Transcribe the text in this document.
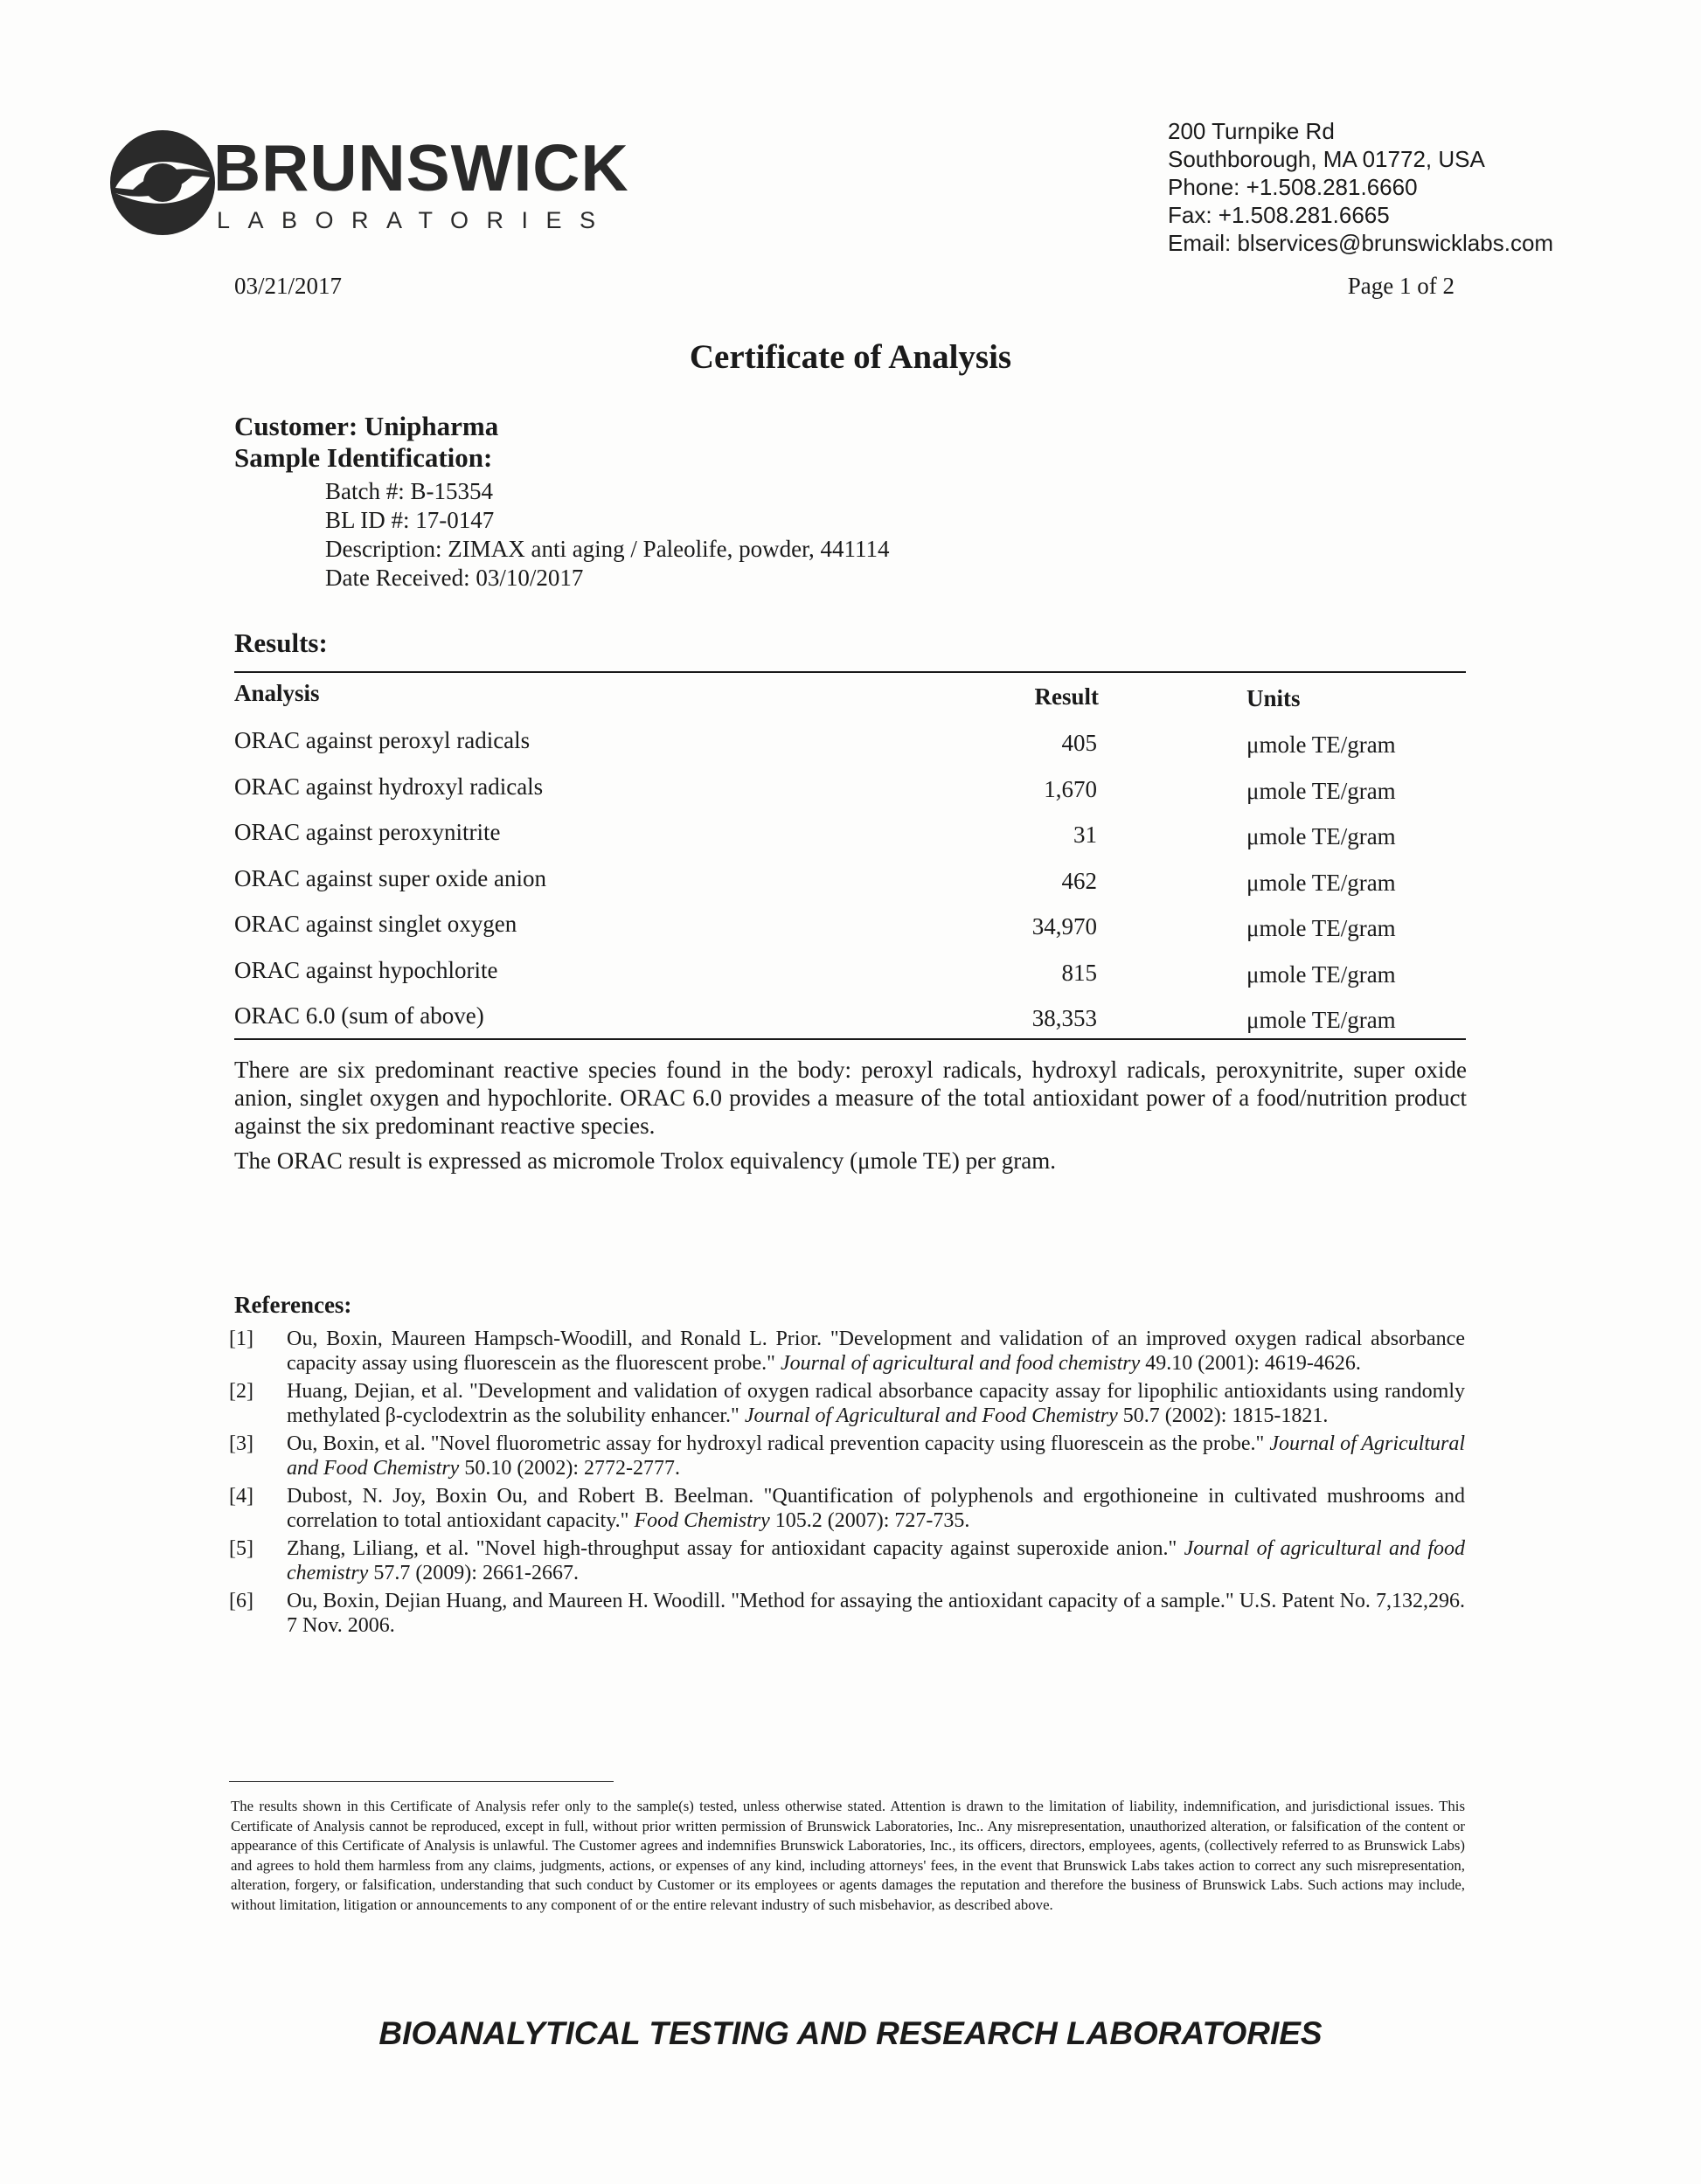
BRUNSWICK
LABORATORIES
200 Turnpike Rd
Southborough, MA 01772, USA
Phone: +1.508.281.6660
Fax: +1.508.281.6665
Email: blservices@brunswicklabs.com
03/21/2017	Page 1 of 2
Certificate of Analysis
Customer: Unipharma
Sample Identification:
Batch #: B-15354
BL ID #: 17-0147
Description: ZIMAX anti aging / Paleolife, powder, 441114
Date Received: 03/10/2017
Results:
Analysis	Result	Units
ORAC against peroxyl radicals	405	μmole TE/gram
ORAC against hydroxyl radicals	1,670	μmole TE/gram
ORAC against peroxynitrite	31	μmole TE/gram
ORAC against super oxide anion	462	μmole TE/gram
ORAC against singlet oxygen	34,970	μmole TE/gram
ORAC against hypochlorite	815	μmole TE/gram
ORAC 6.0 (sum of above)	38,353	μmole TE/gram

There are six predominant reactive species found in the body: peroxyl radicals, hydroxyl radicals, peroxynitrite, super oxide anion, singlet oxygen and hypochlorite. ORAC 6.0 provides a measure of the total antioxidant power of a food/nutrition product against the six predominant reactive species.

The ORAC result is expressed as micromole Trolox equivalency (μmole TE) per gram.

References:
[1] Ou, Boxin, Maureen Hampsch-Woodill, and Ronald L. Prior. "Development and validation of an improved oxygen radical absorbance capacity assay using fluorescein as the fluorescent probe." Journal of agricultural and food chemistry 49.10 (2001): 4619-4626.
[2] Huang, Dejian, et al. "Development and validation of oxygen radical absorbance capacity assay for lipophilic antioxidants using randomly methylated β-cyclodextrin as the solubility enhancer." Journal of Agricultural and Food Chemistry 50.7 (2002): 1815-1821.
[3] Ou, Boxin, et al. "Novel fluorometric assay for hydroxyl radical prevention capacity using fluorescein as the probe." Journal of Agricultural and Food Chemistry 50.10 (2002): 2772-2777.
[4] Dubost, N. Joy, Boxin Ou, and Robert B. Beelman. "Quantification of polyphenols and ergothioneine in cultivated mushrooms and correlation to total antioxidant capacity." Food Chemistry 105.2 (2007): 727-735.
[5] Zhang, Liliang, et al. "Novel high-throughput assay for antioxidant capacity against superoxide anion." Journal of agricultural and food chemistry 57.7 (2009): 2661-2667.
[6] Ou, Boxin, Dejian Huang, and Maureen H. Woodill. "Method for assaying the antioxidant capacity of a sample." U.S. Patent No. 7,132,296. 7 Nov. 2006.
The results shown in this Certificate of Analysis refer only to the sample(s) tested, unless otherwise stated. Attention is drawn to the limitation of liability, indemnification, and jurisdictional issues. This Certificate of Analysis cannot be reproduced, except in full, without prior written permission of Brunswick Laboratories, Inc.. Any misrepresentation, unauthorized alteration, or falsification of the content or appearance of this Certificate of Analysis is unlawful. The Customer agrees and indemnifies Brunswick Laboratories, Inc., its officers, directors, employees, agents, (collectively referred to as Brunswick Labs) and agrees to hold them harmless from any claims, judgments, actions, or expenses of any kind, including attorneys' fees, in the event that Brunswick Labs takes action to correct any such misrepresentation, alteration, forgery, or falsification, understanding that such conduct by Customer or its employees or agents damages the reputation and therefore the business of Brunswick Labs. Such actions may include, without limitation, litigation or announcements to any component of or the entire relevant industry of such misbehavior, as described above.
BIOANALYTICAL TESTING AND RESEARCH LABORATORIES
